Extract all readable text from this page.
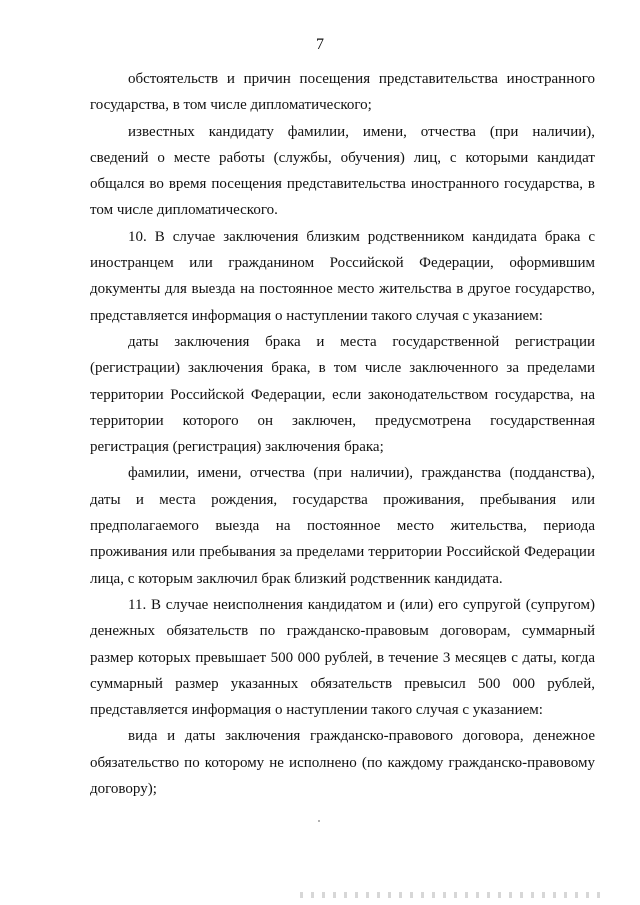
7

обстоятельств и причин посещения представительства иностранного государства, в том числе дипломатического;

известных кандидату фамилии, имени, отчества (при наличии), сведений о месте работы (службы, обучения) лиц, с которыми кандидат общался во время посещения представительства иностранного государства, в том числе дипломатического.

10. В случае заключения близким родственником кандидата брака с иностранцем или гражданином Российской Федерации, оформившим документы для выезда на постоянное место жительства в другое государство, представляется информация о наступлении такого случая с указанием:

даты заключения брака и места государственной регистрации (регистрации) заключения брака, в том числе заключенного за пределами территории Российской Федерации, если законодательством государства, на территории которого он заключен, предусмотрена государственная регистрация (регистрация) заключения брака;

фамилии, имени, отчества (при наличии), гражданства (подданства), даты и места рождения, государства проживания, пребывания или предполагаемого выезда на постоянное место жительства, периода проживания или пребывания за пределами территории Российской Федерации лица, с которым заключил брак близкий родственник кандидата.

11. В случае неисполнения кандидатом и (или) его супругой (супругом) денежных обязательств по гражданско-правовым договорам, суммарный размер которых превышает 500 000 рублей, в течение 3 месяцев с даты, когда суммарный размер указанных обязательств превысил 500 000 рублей, представляется информация о наступлении такого случая с указанием:

вида и даты заключения гражданско-правового договора, денежное обязательство по которому не исполнено (по каждому гражданско-правовому договору);
